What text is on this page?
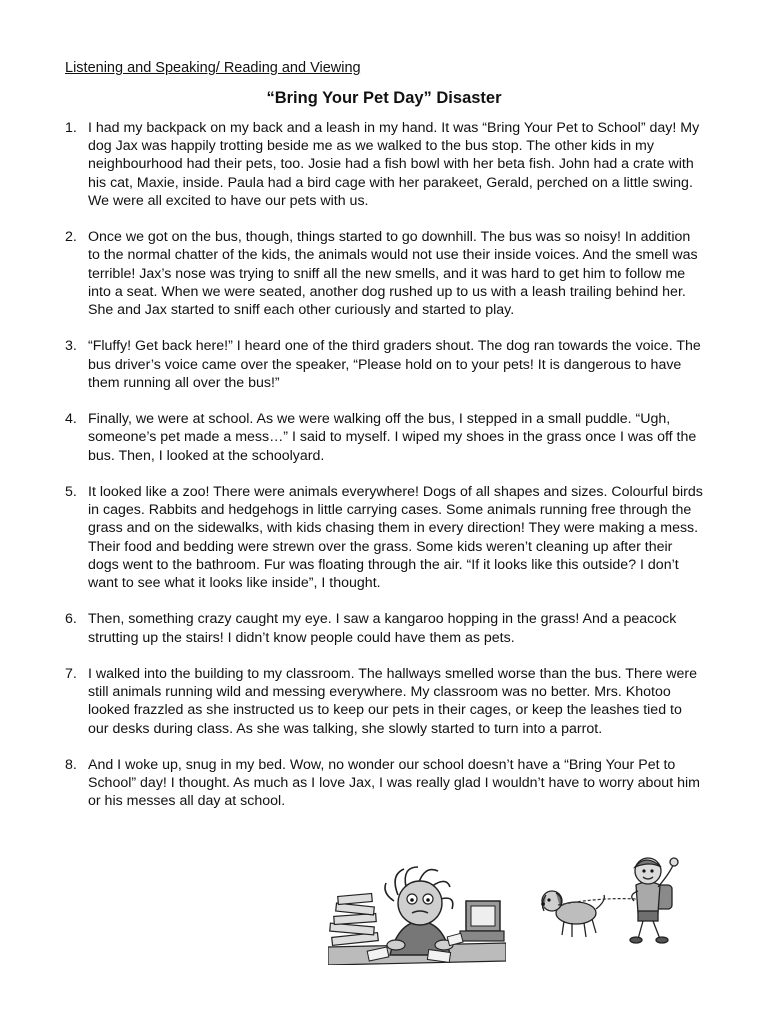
Listening and Speaking/ Reading and Viewing
“Bring Your Pet Day” Disaster
1. I had my backpack on my back and a leash in my hand. It was “Bring Your Pet to School” day! My dog Jax was happily trotting beside me as we walked to the bus stop. The other kids in my neighbourhood had their pets, too. Josie had a fish bowl with her beta fish. John had a crate with his cat, Maxie, inside. Paula had a bird cage with her parakeet, Gerald, perched on a little swing. We were all excited to have our pets with us.
2. Once we got on the bus, though, things started to go downhill. The bus was so noisy! In addition to the normal chatter of the kids, the animals would not use their inside voices. And the smell was terrible! Jax’s nose was trying to sniff all the new smells, and it was hard to get him to follow me into a seat. When we were seated, another dog rushed up to us with a leash trailing behind her. She and Jax started to sniff each other curiously and started to play.
3. “Fluffy! Get back here!” I heard one of the third graders shout. The dog ran towards the voice. The bus driver’s voice came over the speaker, “Please hold on to your pets! It is dangerous to have them running all over the bus!”
4. Finally, we were at school. As we were walking off the bus, I stepped in a small puddle. “Ugh, someone’s pet made a mess…” I said to myself. I wiped my shoes in the grass once I was off the bus. Then, I looked at the schoolyard.
5. It looked like a zoo! There were animals everywhere! Dogs of all shapes and sizes. Colourful birds in cages. Rabbits and hedgehogs in little carrying cases. Some animals running free through the grass and on the sidewalks, with kids chasing them in every direction! They were making a mess. Their food and bedding were strewn over the grass. Some kids weren’t cleaning up after their dogs went to the bathroom. Fur was floating through the air. “If it looks like this outside? I don’t want to see what it looks like inside”, I thought.
6. Then, something crazy caught my eye. I saw a kangaroo hopping in the grass! And a peacock strutting up the stairs! I didn’t know people could have them as pets.
7. I walked into the building to my classroom. The hallways smelled worse than the bus. There were still animals running wild and messing everywhere. My classroom was no better. Mrs. Khotoo looked frazzled as she instructed us to keep our pets in their cages, or keep the leashes tied to our desks during class. As she was talking, she slowly started to turn into a parrot.
8. And I woke up, snug in my bed. Wow, no wonder our school doesn’t have a “Bring Your Pet to School” day! I thought. As much as I love Jax, I was really glad I wouldn’t have to worry about him or his messes all day at school.
